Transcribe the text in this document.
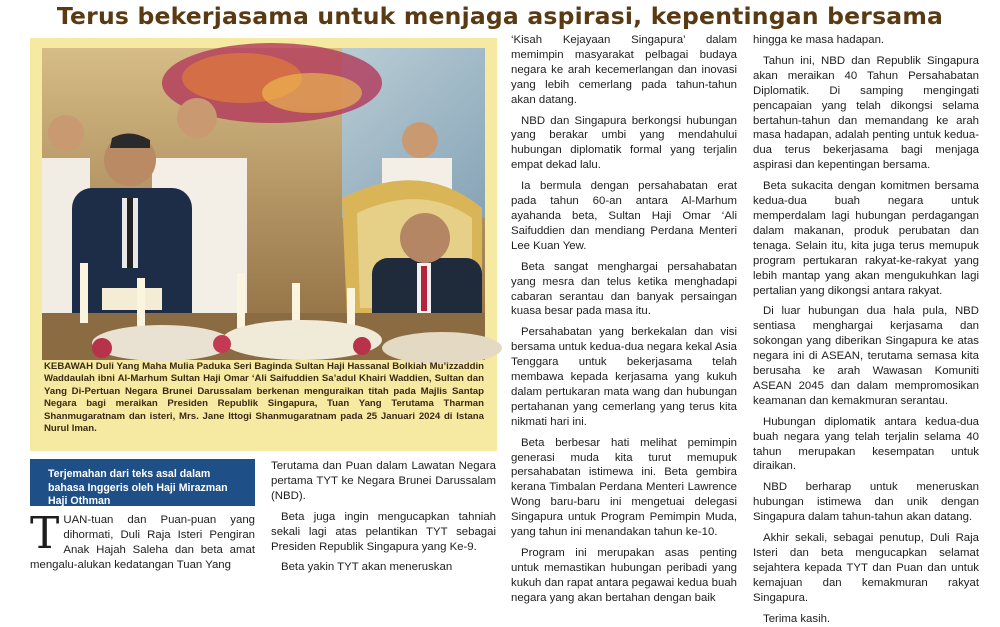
Terus bekerjasama untuk menjaga aspirasi, kepentingan bersama
KEBAWAH Duli Yang Maha Mulia Paduka Seri Baginda Sultan Haji Hassanal Bolkiah Mu’izzaddin Waddaulah ibni Al-Marhum Sultan Haji Omar ‘Ali Saifuddien Sa’adul Khairi Waddien, Sultan dan Yang Di-Pertuan Negara Brunei Darussalam berkenan menguraikan titah pada Majlis Santap Negara bagi meraikan Presiden Republik Singapura, Tuan Yang Terutama Tharman Shanmugaratnam dan isteri, Mrs. Jane Ittogi Shanmugaratnam pada 25 Januari 2024 di Istana Nurul Iman.
Terjemahan dari teks asal dalam bahasa Inggeris oleh Haji Mirazman Haji Othman

TUAN-tuan dan Puan-puan yang dihormati, Duli Raja Isteri Pengiran Anak Hajah Saleha dan beta amat mengalu-alukan kedatangan Tuan Yang

Terutama dan Puan dalam Lawatan Negara pertama TYT ke Negara Brunei Darussalam (NBD).

Beta juga ingin mengucapkan tahniah sekali lagi atas pelantikan TYT sebagai Presiden Republik Singapura yang Ke-9.

Beta yakin TYT akan meneruskan

‘Kisah Kejayaan Singapura’ dalam memimpin masyarakat pelbagai budaya negara ke arah kecemerlangan dan inovasi yang lebih cemerlang pada tahun-tahun akan datang.

NBD dan Singapura berkongsi hubungan yang berakar umbi yang mendahului hubungan diplomatik formal yang terjalin empat dekad lalu.

Ia bermula dengan persahabatan erat pada tahun 60-an antara Al-Marhum ayahanda beta, Sultan Haji Omar ‘Ali Saifuddien dan mendiang Perdana Menteri Lee Kuan Yew.

Beta sangat menghargai persahabatan yang mesra dan telus ketika menghadapi cabaran serantau dan banyak persaingan kuasa besar pada masa itu.

Persahabatan yang berkekalan dan visi bersama untuk kedua-dua negara kekal Asia Tenggara untuk bekerjasama telah membawa kepada kerjasama yang kukuh dalam pertukaran mata wang dan hubungan pertahanan yang cemerlang yang terus kita nikmati hari ini.

Beta berbesar hati melihat pemimpin generasi muda kita turut memupuk persahabatan istimewa ini. Beta gembira kerana Timbalan Perdana Menteri Lawrence Wong baru-baru ini mengetuai delegasi Singapura untuk Program Pemimpin Muda, yang tahun ini menandakan tahun ke-10.

Program ini merupakan asas penting untuk memastikan hubungan peribadi yang kukuh dan rapat antara pegawai kedua buah negara yang akan bertahan dengan baik

hingga ke masa hadapan.

Tahun ini, NBD dan Republik Singapura akan meraikan 40 Tahun Persahabatan Diplomatik. Di samping mengingati pencapaian yang telah dikongsi selama bertahun-tahun dan memandang ke arah masa hadapan, adalah penting untuk kedua-dua terus bekerjasama bagi menjaga aspirasi dan kepentingan bersama.

Beta sukacita dengan komitmen bersama kedua-dua buah negara untuk memperdalam lagi hubungan perdagangan dalam makanan, produk perubatan dan tenaga. Selain itu, kita juga terus memupuk program pertukaran rakyat-ke-rakyat yang lebih mantap yang akan mengukuhkan lagi pertalian yang dikongsi antara rakyat.

Di luar hubungan dua hala pula, NBD sentiasa menghargai kerjasama dan sokongan yang diberikan Singapura ke atas negara ini di ASEAN, terutama semasa kita berusaha ke arah Wawasan Komuniti ASEAN 2045 dan dalam mempromosikan keamanan dan kemakmuran serantau.

Hubungan diplomatik antara kedua-dua buah negara yang telah terjalin selama 40 tahun merupakan kesempatan untuk diraikan.

NBD berharap untuk meneruskan hubungan istimewa dan unik dengan Singapura dalam tahun-tahun akan datang.

Akhir sekali, sebagai penutup, Duli Raja Isteri dan beta mengucapkan selamat sejahtera kepada TYT dan Puan dan untuk kemajuan dan kemakmuran rakyat Singapura.

Terima kasih.
